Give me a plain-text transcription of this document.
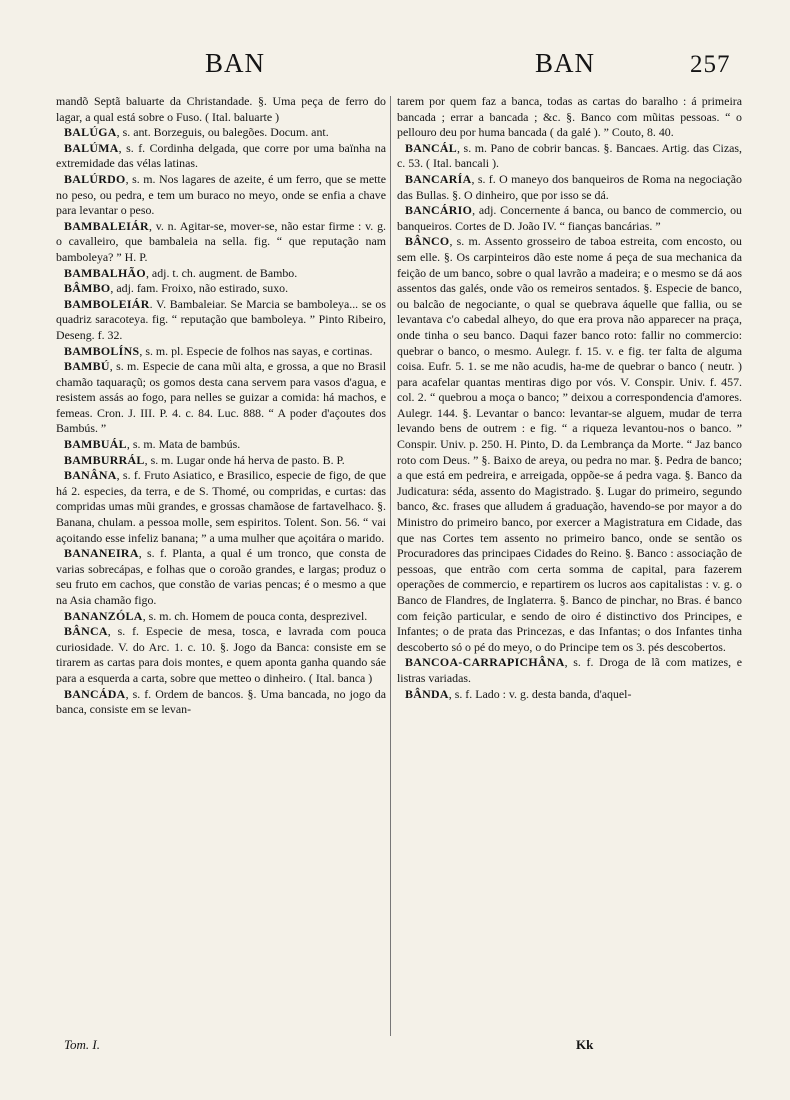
BAN	BAN	257

mandõ Septã baluarte da Christandade. §. Uma peça de ferro do lagar, a qual está sobre o Fuso. ( Ital. baluarte )

BALÚGA, s. ant. Borzeguis, ou balegões. Docum. ant.

BALÚMA, s. f. Cordinha delgada, que corre por uma baïnha na extremidade das vélas latinas.

BALÚRDO, s. m. Nos lagares de azeite, é um ferro, que se mette no peso, ou pedra, e tem um buraco no meyo, onde se enfia a chave para levantar o peso.

BAMBALEIÁR, v. n. Agitar-se, mover-se, não estar firme : v. g. o cavalleiro, que bambaleia na sella. fig. “ que reputação nam bamboleya? ” H. P.

BAMBALHÃO, adj. t. ch. augment. de Bambo.

BÂMBO, adj. fam. Froixo, não estirado, suxo.

BAMBOLEIÁR. V. Bambaleiar. Se Marcia se bamboleya... se os quadriz saracoteya. fig. “ reputação que bamboleya. ” Pinto Ribeiro, Deseng. f. 32.

BAMBOLÍNS, s. m. pl. Especie de folhos nas sayas, e cortinas.

BAMBÚ, s. m. Especie de cana mũi alta, e grossa, a que no Brasil chamão taquaraçũ; os gomos desta cana servem para vasos d'agua, e resistem assás ao fogo, para nelles se guizar a comida: há machos, e femeas. Cron. J. III. P. 4. c. 84. Luc. 888. “ A poder d'açoutes dos Bambús. ”

BAMBUÁL, s. m. Mata de bambús.

BAMBURRÁL, s. m. Lugar onde há herva de pasto. B. P.

BANÂNA, s. f. Fruto Asiatico, e Brasilico, especie de figo, de que há 2. especies, da terra, e de S. Thomé, ou compridas, e curtas: das compridas umas mũi grandes, e grossas chamãose de fartavelhaco. §. Banana, chulam. a pessoa molle, sem espiritos. Tolent. Son. 56. “ vai açoitando esse infeliz banana; ” a uma mulher que açoitára o marido.

BANANEIRA, s. f. Planta, a qual é um tronco, que consta de varias sobrecápas, e folhas que o coroão grandes, e largas; produz o seu fruto em cachos, que constão de varias pencas; é o mesmo a que na Asia chamão figo.

BANANZÓLA, s. m. ch. Homem de pouca conta, desprezivel.

BÂNCA, s. f. Especie de mesa, tosca, e lavrada com pouca curiosidade. V. do Arc. 1. c. 10. §. Jogo da Banca: consiste em se tirarem as cartas para dois montes, e quem aponta ganha quando sáe para a esquerda a carta, sobre que metteo o dinheiro. ( Ital. banca )

BANCÁDA, s. f. Ordem de bancos. §. Uma bancada, no jogo da banca, consiste em se levan-

tarem por quem faz a banca, todas as cartas do baralho : á primeira bancada ; errar a bancada ; &c. §. Banco com mũitas pessoas. “ o pellouro deu por huma bancada ( da galé ). ” Couto, 8. 40.

BANCÁL, s. m. Pano de cobrir bancas. §. Bancaes. Artig. das Cizas, c. 53. ( Ital. bancali ).

BANCARÍA, s. f. O maneyo dos banqueiros de Roma na negociação das Bullas. §. O dinheiro, que por isso se dá.

BANCÁRIO, adj. Concernente á banca, ou banco de commercio, ou banqueiros. Cortes de D. João IV. “ fianças bancárias. ”

BÂNCO, s. m. Assento grosseiro de taboa estreita, com encosto, ou sem elle. §. Os carpinteiros dão este nome á peça de sua mechanica da feição de um banco, sobre o qual lavrão a madeira; e o mesmo se dá aos assentos das galés, onde vão os remeiros sentados. §. Especie de banco, ou balcão de negociante, o qual se quebrava áquelle que fallia, ou se levantava c'o cabedal alheyo, do que era prova não apparecer na praça, onde tinha o seu banco. Daqui fazer banco roto: fallir no commercio: quebrar o banco, o mesmo. Aulegr. f. 15. v. e fig. ter falta de alguma coisa. Eufr. 5. 1. se me não acudis, ha-me de quebrar o banco ( neutr. ) para acafelar quantas mentiras digo por vós. V. Conspir. Univ. f. 457. col. 2. “ quebrou a moça o banco; ” deixou a correspondencia d'amores. Aulegr. 144. §. Levantar o banco: levantar-se alguem, mudar de terra levando bens de outrem : e fig. “ a riqueza levantou-nos o banco. ” Conspir. Univ. p. 250. H. Pinto, D. da Lembrança da Morte. “ Jaz banco roto com Deus. ” §. Baixo de areya, ou pedra no mar. §. Pedra de banco; a que está em pedreira, e arreigada, oppõe-se á pedra vaga. §. Banco da Judicatura: séda, assento do Magistrado. §. Lugar do primeiro, segundo banco, &c. frases que alludem á graduação, havendo-se por mayor a do Ministro do primeiro banco, por exercer a Magistratura em Cidade, das que nas Cortes tem assento no primeiro banco, onde se sentão os Procuradores das principaes Cidades do Reino. §. Banco : associação de pessoas, que entrão com certa somma de capital, para fazerem operações de commercio, e repartirem os lucros aos capitalistas : v. g. o Banco de Flandres, de Inglaterra. §. Banco de pinchar, no Bras. é banco com feição particular, e sendo de oiro é distinctivo dos Principes, e Infantes; o de prata das Princezas, e das Infantas; o dos Infantes tinha descoberto só o pé do meyo, o do Principe tem os 3. pés descobertos.

BANCOA-CARRAPICHÂNA, s. f. Droga de lã com matizes, e listras variadas.

BÂNDA, s. f. Lado : v. g. desta banda, d'aquel-

Tom. I.	Kk
